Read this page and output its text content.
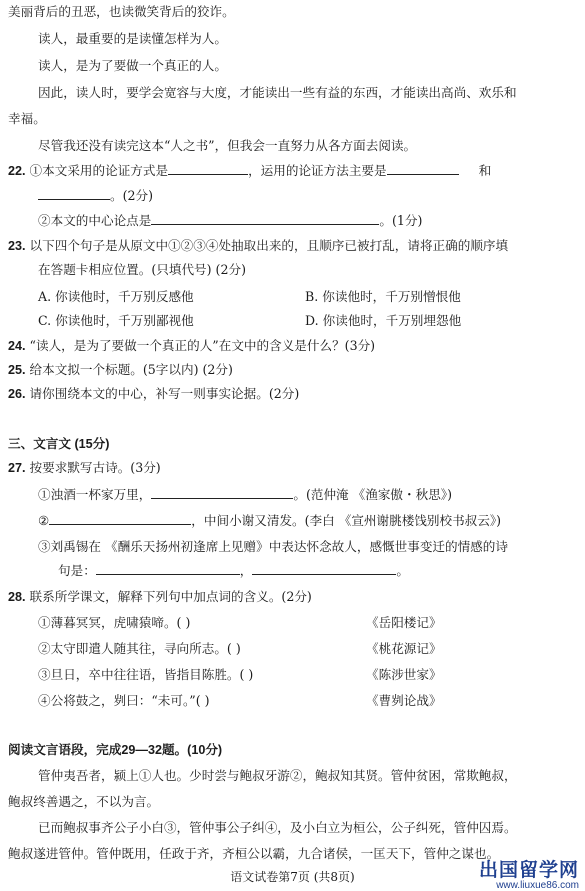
美丽背后的丑恶，也读微笑背后的狡诈。
读人，最重要的是读懂怎样为人。
读人，是为了要做一个真正的人。
因此，读人时，要学会宽容与大度，才能读出一些有益的东西，才能读出高尚、欢乐和
幸福。
尽管我还没有读完这本“人之书”，但我会一直努力从各方面去阅读。
22. ①本文采用的论证方式是	，运用的论证方法主要是	和
。(2分)
②本文的中心论点是	。(1分)
23. 以下四个句子是从原文中①②③④处抽取出来的，且顺序已被打乱，请将正确的顺序填
在答题卡相应位置。(只填代号) (2分)
A. 你读他时，千万别反感他	B. 你读他时，千万别憎恨他
C. 你读他时，千万别鄙视他	D. 你读他时，千万别埋怨他
24. “读人，是为了要做一个真正的人”在文中的含义是什么？(3分)
25. 给本文拟一个标题。(5字以内) (2分)
26. 请你围绕本文的中心，补写一则事实论据。(2分)
三、文言文 (15分)
27. 按要求默写古诗。(3分)
①浊酒一杯家万里，	。(范仲淹 《渔家傲・秋思》)
②	，中间小谢又清发。(李白 《宣州谢朓楼饯别校书叔云》)
③刘禹锡在 《酬乐天扬州初逢席上见赠》中表达怀念故人，感慨世事变迁的情感的诗
句是：	，	。
28. 联系所学课文，解释下列句中加点词的含义。(2分)
①薄暮冥冥，虎啸猿啼。( )	《岳阳楼记》
②太守即遣人随其往，寻向所志。( )	《桃花源记》
③旦日，卒中往往语，皆指目陈胜。( )	《陈涉世家》
④公将鼓之，刿曰：“未可。”( )	《曹刿论战》
阅读文言语段，完成29—32题。(10分)
管仲夷吾者，颍上①人也。少时尝与鲍叔牙游②，鲍叔知其贤。管仲贫困，常欺鲍叔，
鲍叔终善遇之，不以为言。
已而鲍叔事齐公子小白③，管仲事公子纠④，及小白立为桓公，公子纠死，管仲囚焉。
鲍叔遂进管仲。管仲既用，任政于齐，齐桓公以霸，九合诸侯，一匡天下，管仲之谋也。
语文试卷第7页 (共8页)	出国留学网
www.liuxue86.com
